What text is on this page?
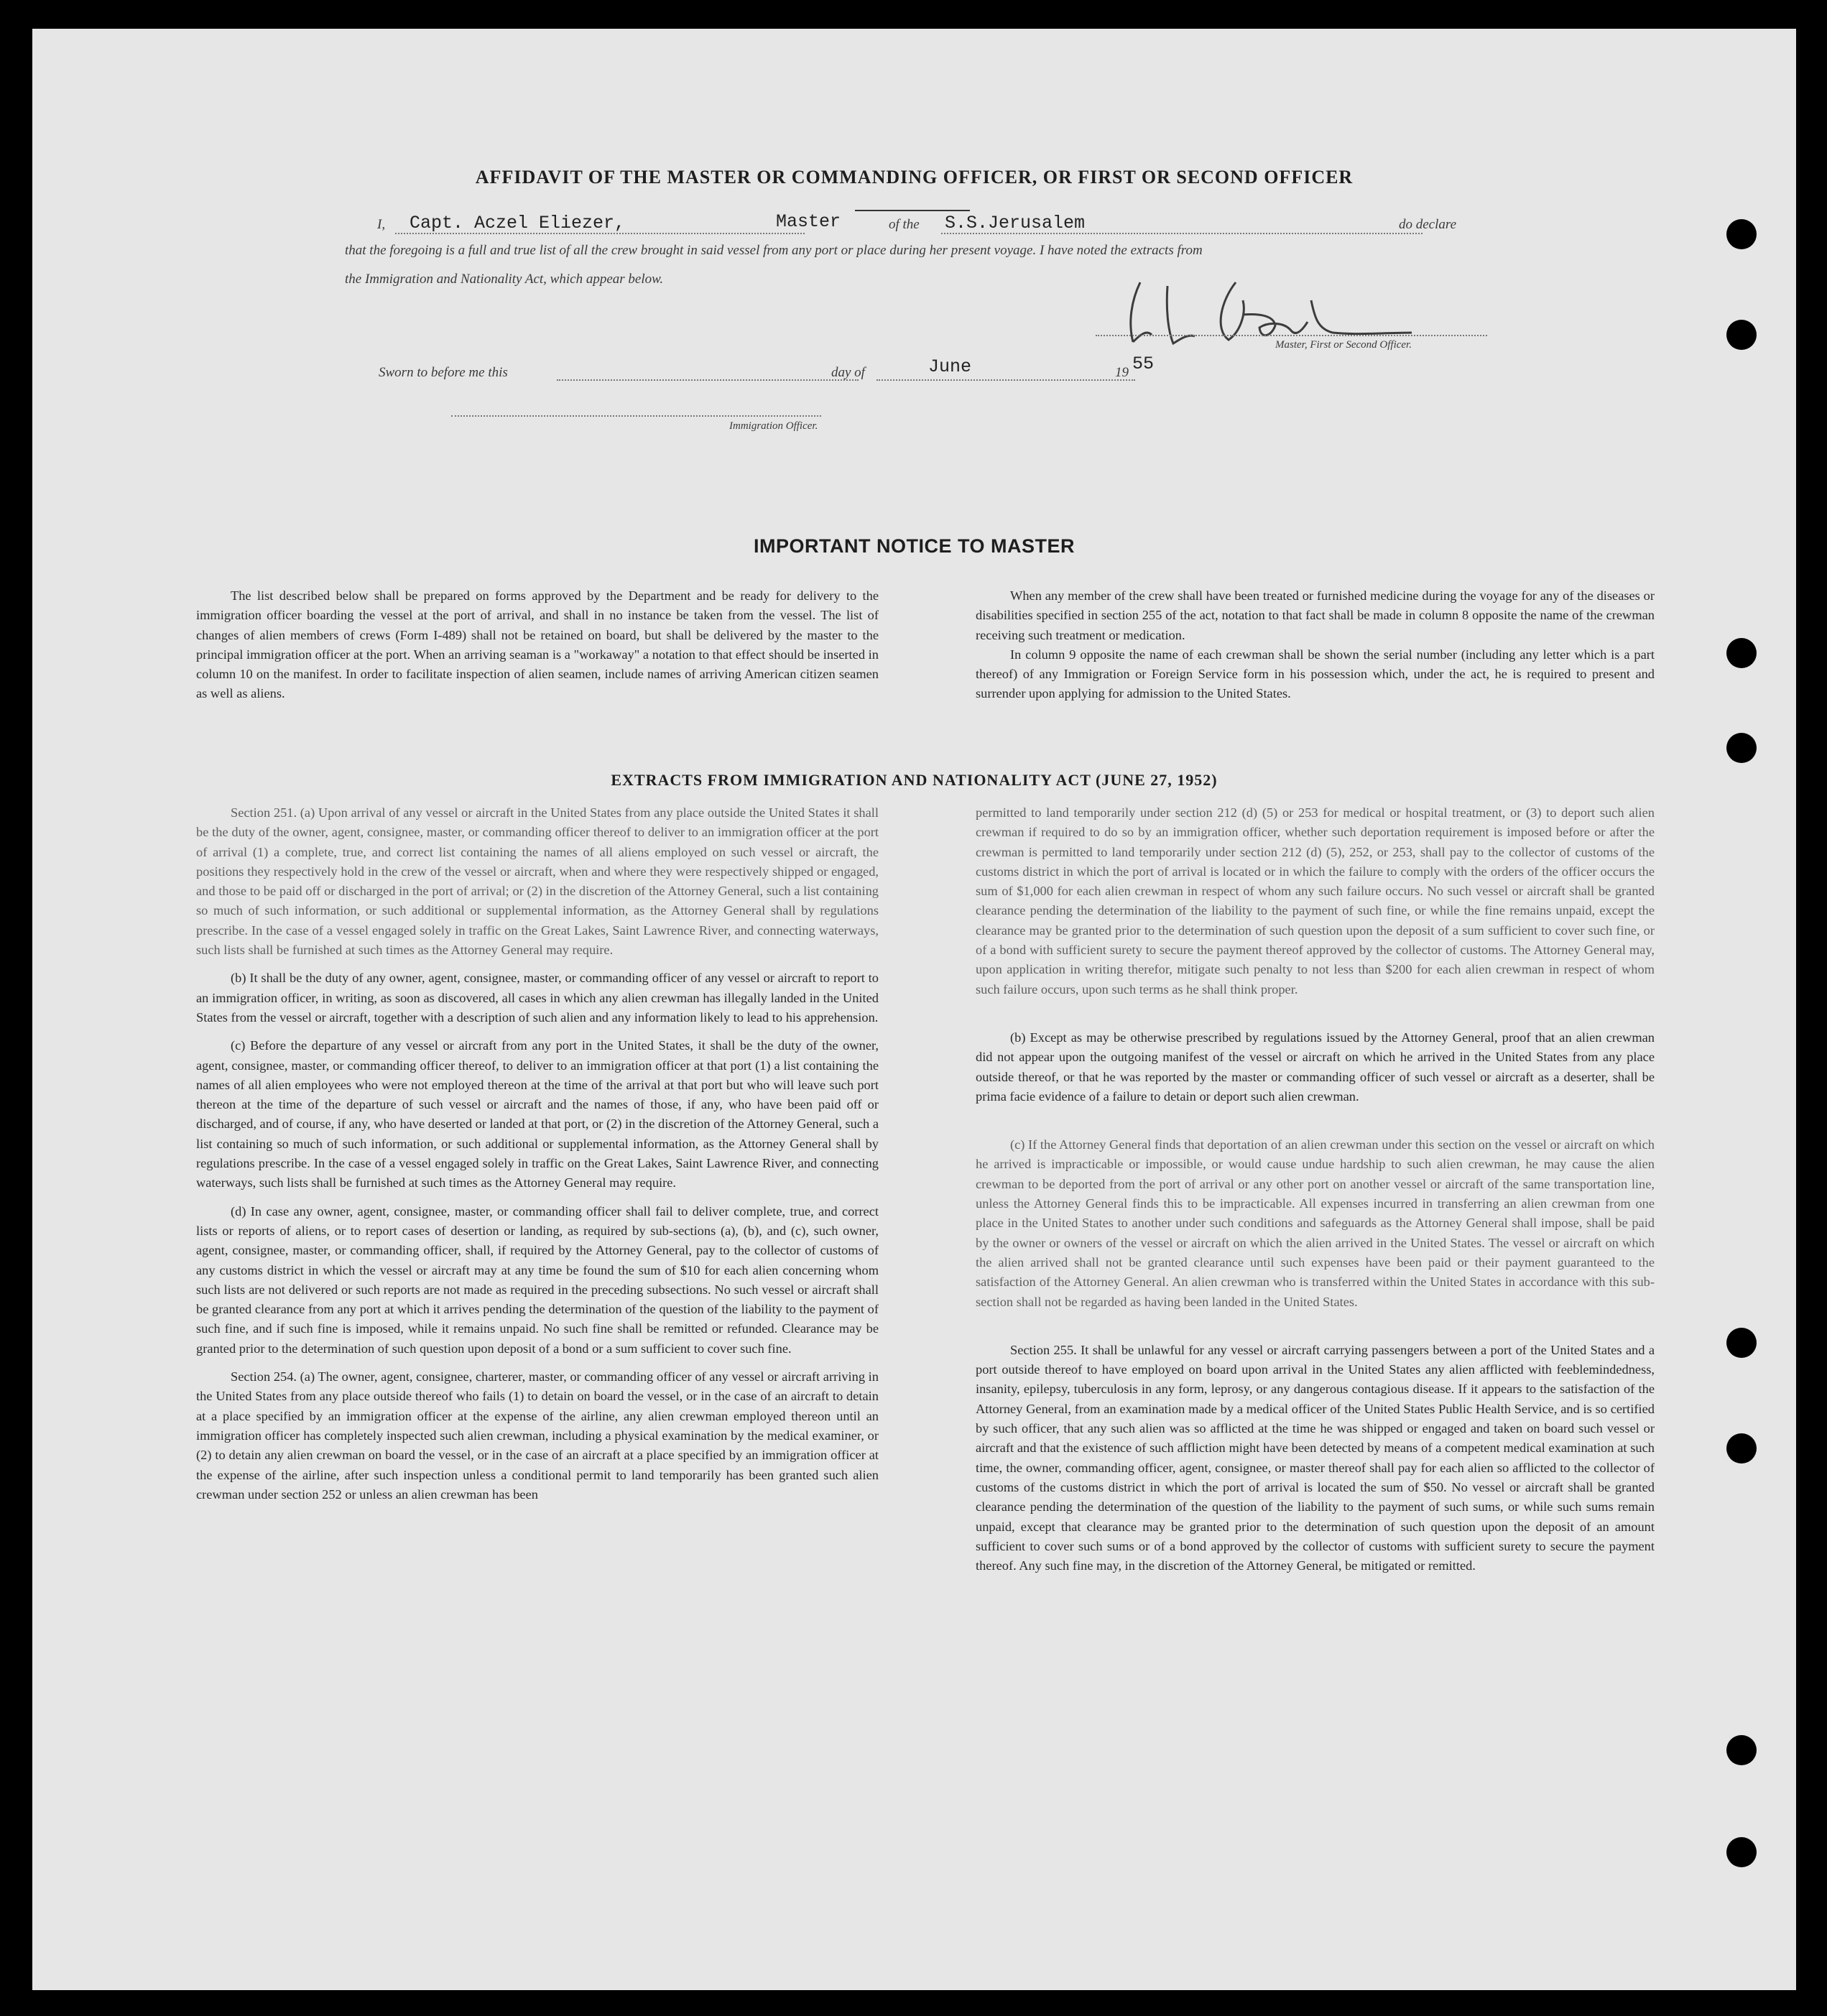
AFFIDAVIT OF THE MASTER OR COMMANDING OFFICER, OR FIRST OR SECOND OFFICER
I, Capt. Aczel Eliezer,	Master	of the S.S.Jerusalem	do declare
that the foregoing is a full and true list of all the crew brought in said vessel from any port or place during her present voyage. I have noted the extracts from
the Immigration and Nationality Act, which appear below.
Master, First or Second Officer.
Sworn to before me this	day of	June	19 55
Immigration Officer.
IMPORTANT NOTICE TO MASTER

The list described below shall be prepared on forms approved by the Department and be ready for delivery to the immigration officer boarding the vessel at the port of arrival, and shall in no instance be taken from the vessel. The list of changes of alien members of crews (Form I-489) shall not be retained on board, but shall be delivered by the master to the principal immigration officer at the port. When an arriving seaman is a "workaway" a notation to that effect should be inserted in column 10 on the manifest. In order to facilitate inspection of alien seamen, include names of arriving American citizen seamen as well as aliens.

When any member of the crew shall have been treated or furnished medicine during the voyage for any of the diseases or disabilities specified in section 255 of the act, notation to that fact shall be made in column 8 opposite the name of the crewman receiving such treatment or medication.

In column 9 opposite the name of each crewman shall be shown the serial number (including any letter which is a part thereof) of any Immigration or Foreign Service form in his possession which, under the act, he is required to present and surrender upon applying for admission to the United States.

EXTRACTS FROM IMMIGRATION AND NATIONALITY ACT (JUNE 27, 1952)

Section 251. (a) Upon arrival of any vessel or aircraft in the United States from any place outside the United States it shall be the duty of the owner, agent, consignee, master, or commanding officer thereof to deliver to an immigration officer at the port of arrival (1) a complete, true, and correct list containing the names of all aliens employed on such vessel or aircraft, the positions they respectively hold in the crew of the vessel or aircraft, when and where they were respectively shipped or engaged, and those to be paid off or discharged in the port of arrival; or (2) in the discretion of the Attorney General, such a list containing so much of such information, or such additional or supplemental information, as the Attorney General shall by regulations prescribe. In the case of a vessel engaged solely in traffic on the Great Lakes, Saint Lawrence River, and connecting waterways, such lists shall be furnished at such times as the Attorney General may require.

(b) It shall be the duty of any owner, agent, consignee, master, or commanding officer of any vessel or aircraft to report to an immigration officer, in writing, as soon as discovered, all cases in which any alien crewman has illegally landed in the United States from the vessel or aircraft, together with a description of such alien and any information likely to lead to his apprehension.

(c) Before the departure of any vessel or aircraft from any port in the United States, it shall be the duty of the owner, agent, consignee, master, or commanding officer thereof, to deliver to an immigration officer at that port (1) a list containing the names of all alien employees who were not employed thereon at the time of the arrival at that port but who will leave such port thereon at the time of the departure of such vessel or aircraft and the names of those, if any, who have been paid off or discharged, and of course, if any, who have deserted or landed at that port, or (2) in the discretion of the Attorney General, such a list containing so much of such information, or such additional or supplemental information, as the Attorney General shall by regulations prescribe. In the case of a vessel engaged solely in traffic on the Great Lakes, Saint Lawrence River, and connecting waterways, such lists shall be furnished at such times as the Attorney General may require.

(d) In case any owner, agent, consignee, master, or commanding officer shall fail to deliver complete, true, and correct lists or reports of aliens, or to report cases of desertion or landing, as required by sub-sections (a), (b), and (c), such owner, agent, consignee, master, or commanding officer, shall, if required by the Attorney General, pay to the collector of customs of any customs district in which the vessel or aircraft may at any time be found the sum of $10 for each alien concerning whom such lists are not delivered or such reports are not made as required in the preceding subsections. No such vessel or aircraft shall be granted clearance from any port at which it arrives pending the determination of the question of the liability to the payment of such fine, and if such fine is imposed, while it remains unpaid. No such fine shall be remitted or refunded. Clearance may be granted prior to the determination of such question upon deposit of a bond or a sum sufficient to cover such fine.

Section 254. (a) The owner, agent, consignee, charterer, master, or commanding officer of any vessel or aircraft arriving in the United States from any place outside thereof who fails (1) to detain on board the vessel, or in the case of an aircraft to detain at a place specified by an immigration officer at the expense of the airline, any alien crewman employed thereon until an immigration officer has completely inspected such alien crewman, including a physical examination by the medical examiner, or (2) to detain any alien crewman on board the vessel, or in the case of an aircraft at a place specified by an immigration officer at the expense of the airline, after such inspection unless a conditional permit to land temporarily has been granted such alien crewman under section 252 or unless an alien crewman has been

permitted to land temporarily under section 212 (d) (5) or 253 for medical or hospital treatment, or (3) to deport such alien crewman if required to do so by an immigration officer, whether such deportation requirement is imposed before or after the crewman is permitted to land temporarily under section 212 (d) (5), 252, or 253, shall pay to the collector of customs of the customs district in which the port of arrival is located or in which the failure to comply with the orders of the officer occurs the sum of $1,000 for each alien crewman in respect of whom any such failure occurs. No such vessel or aircraft shall be granted clearance pending the determination of the liability to the payment of such fine, or while the fine remains unpaid, except the clearance may be granted prior to the determination of such question upon the deposit of a sum sufficient to cover such fine, or of a bond with sufficient surety to secure the payment thereof approved by the collector of customs. The Attorney General may, upon application in writing therefor, mitigate such penalty to not less than $200 for each alien crewman in respect of whom such failure occurs, upon such terms as he shall think proper.

(b) Except as may be otherwise prescribed by regulations issued by the Attorney General, proof that an alien crewman did not appear upon the outgoing manifest of the vessel or aircraft on which he arrived in the United States from any place outside thereof, or that he was reported by the master or commanding officer of such vessel or aircraft as a deserter, shall be prima facie evidence of a failure to detain or deport such alien crewman.

(c) If the Attorney General finds that deportation of an alien crewman under this section on the vessel or aircraft on which he arrived is impracticable or impossible, or would cause undue hardship to such alien crewman, he may cause the alien crewman to be deported from the port of arrival or any other port on another vessel or aircraft of the same transportation line, unless the Attorney General finds this to be impracticable. All expenses incurred in transferring an alien crewman from one place in the United States to another under such conditions and safeguards as the Attorney General shall impose, shall be paid by the owner or owners of the vessel or aircraft on which the alien arrived in the United States. The vessel or aircraft on which the alien arrived shall not be granted clearance until such expenses have been paid or their payment guaranteed to the satisfaction of the Attorney General. An alien crewman who is transferred within the United States in accordance with this sub-section shall not be regarded as having been landed in the United States.

Section 255. It shall be unlawful for any vessel or aircraft carrying passengers between a port of the United States and a port outside thereof to have employed on board upon arrival in the United States any alien afflicted with feeblemindedness, insanity, epilepsy, tuberculosis in any form, leprosy, or any dangerous contagious disease. If it appears to the satisfaction of the Attorney General, from an examination made by a medical officer of the United States Public Health Service, and is so certified by such officer, that any such alien was so afflicted at the time he was shipped or engaged and taken on board such vessel or aircraft and that the existence of such affliction might have been detected by means of a competent medical examination at such time, the owner, commanding officer, agent, consignee, or master thereof shall pay for each alien so afflicted to the collector of customs of the customs district in which the port of arrival is located the sum of $50. No vessel or aircraft shall be granted clearance pending the determination of the question of the liability to the payment of such sums, or while such sums remain unpaid, except that clearance may be granted prior to the determination of such question upon the deposit of an amount sufficient to cover such sums or of a bond approved by the collector of customs with sufficient surety to secure the payment thereof. Any such fine may, in the discretion of the Attorney General, be mitigated or remitted.
